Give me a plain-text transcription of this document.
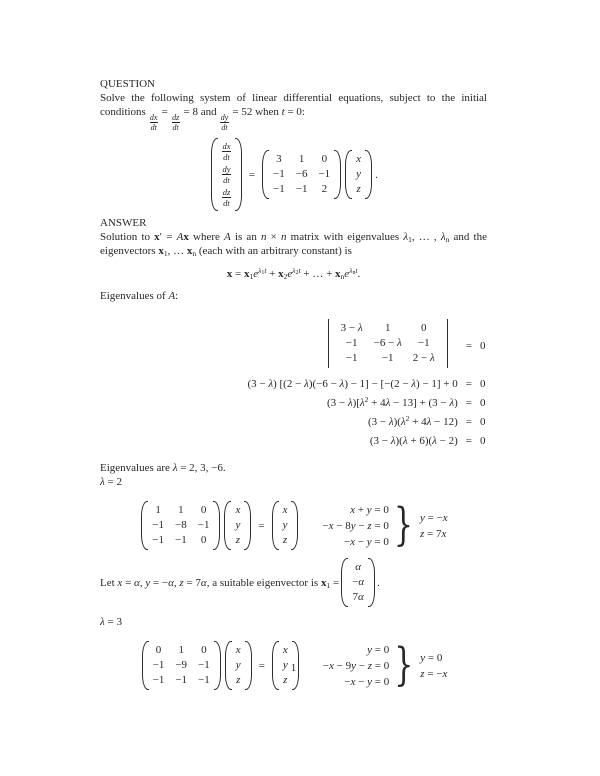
QUESTION

Solve the following system of linear differential equations, subject to the initial conditions
$\frac{dx}{dt}$
=
$\frac{dz}{dt}$
= 8 and
$\frac{dy}{dt}$
= 52 when t = 0:

$\frac{dx}{dt}$
$\frac{dy}{dt}$
$\frac{dz}{dt}$
=
3 1 0
−1 −6 −1
−1 −1 2
x
y
z
.
ANSWER

Solution to x′ = Ax where A is an n × n matrix with eigenvalues $\lambda_1$, … , $\lambda_n$ and the eigenvectors $x_1$, … $x_n$ (each with an arbitrary constant) is

$x = x_1e^{\lambda_1t} + x_2e^{\lambda_2t}$ + … + $x_ne^{\lambda_nt}$.

Eigenvalues of A:

3 − λ 1	0
−1 −6 − λ −1
−1 −1 2 − λ
= 0
(3 − λ) [(2 − λ)(−6 − λ) − 1] − [−(2 − λ) − 1] + 0 = 0
$(3 - \lambda)[\lambda^2 + 4\lambda - 13] + (3 - \lambda) = 0$
$(3 - \lambda)(\lambda^2 + 4\lambda - 12) = 0$
(3 − λ)(λ + 6)(λ − 2) = 0

Eigenvalues are λ = 2, 3, −6.

λ = 2

1 1 0
−1 −8 −1
−1 −1 0
x
y
z
=
x
y
z
x + y = 0
−x − 8y − z = 0
−x − y = 0 } y = −x
z = 7x
Let x = α, y = −α, z = 7α, a suitable eigenvector is $x_1$ =
α
−α
7α
.

λ = 3

0 1 0
−1 −9 −1
−1 −1 −1
x
y
z
=
x
y
z
y = 0
−x − 9y − z = 0
−x − y = 0 } y = 0
z = −x
1
